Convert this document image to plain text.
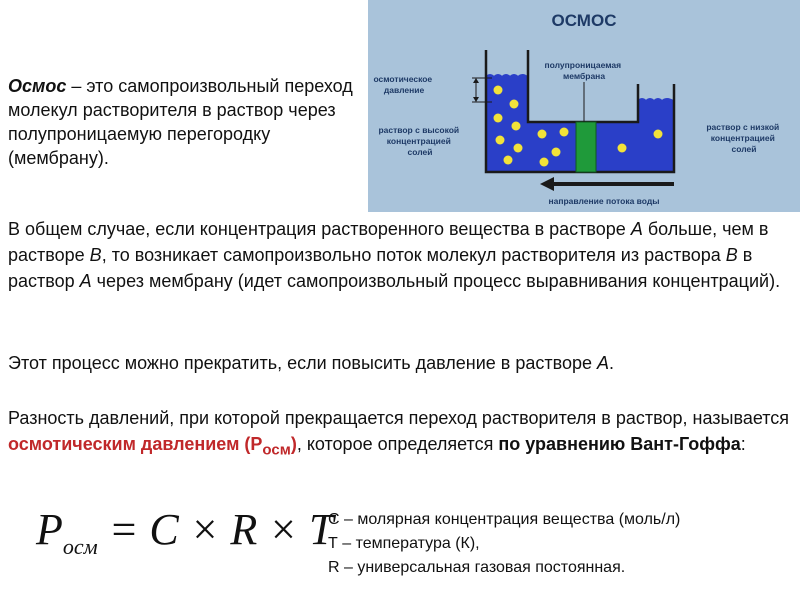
Осмос – это самопроизвольный переход молекул растворителя в раствор через полупроницаемую перегородку (мембрану).

ОСМОС
осмотическое давление
полупроницаемая мембрана
раствор с высокой концентрацией солей
раствор с низкой концентрацией солей
направление потока воды

В общем случае, если концентрация растворенного вещества в растворе А больше, чем в растворе В, то возникает самопроизвольно поток молекул растворителя из раствора В в раствор А через мембрану (идет самопроизвольный процесс выравнивания концентраций).

Этот процесс можно прекратить, если повысить давление в растворе А.

Разность давлений, при которой прекращается переход растворителя в раствор, называется осмотическим давлением $(Р_{осм})$, которое определяется по уравнению Вант-Гоффа:

$P_{осм} = C \times R \times T$
С – молярная концентрация вещества (моль/л)
Т – температура (К),
R – универсальная газовая постоянная.
